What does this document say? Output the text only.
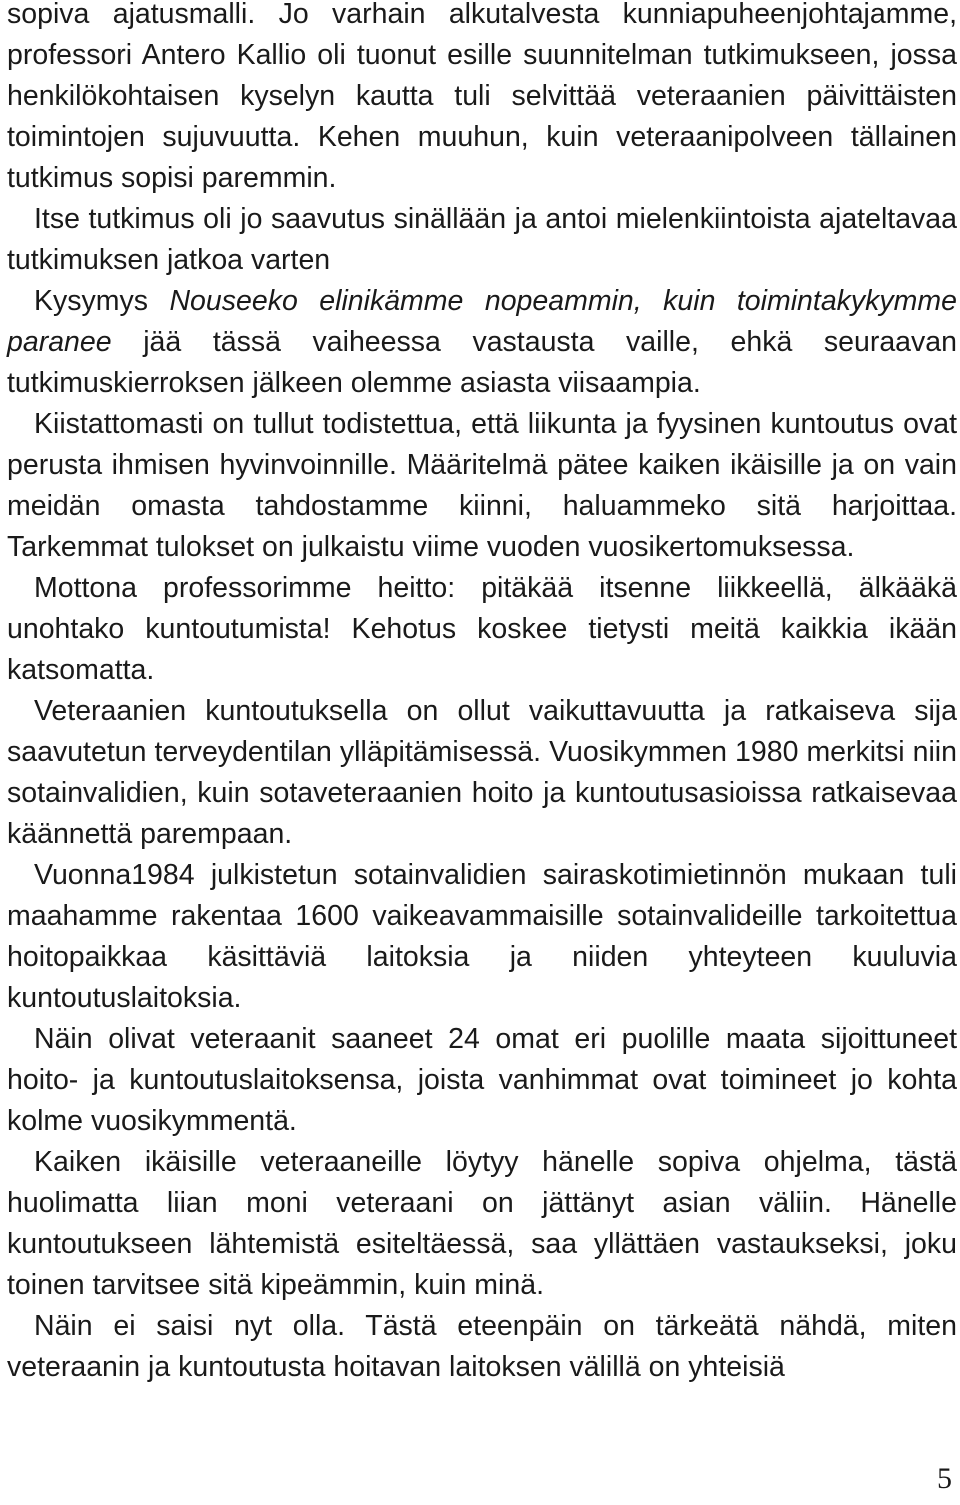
sopiva ajatusmalli. Jo varhain alkutalvesta kunniapuheenjohtajamme, professori Antero Kallio oli tuonut esille suunnitelman tutkimukseen, jossa henkilökohtaisen kyselyn kautta tuli selvittää veteraanien päivittäisten toimintojen sujuvuutta. Kehen muuhun, kuin veteraanipolveen tällainen tutkimus sopisi paremmin.

Itse tutkimus oli jo saavutus sinällään ja antoi mielenkiintoista ajateltavaa tutkimuksen jatkoa varten

Kysymys Nouseeko elinikämme nopeammin, kuin toimintakykymme paranee jää tässä vaiheessa vastausta vaille, ehkä seuraavan tutkimuskierroksen jälkeen olemme asiasta viisaampia.

Kiistattomasti on tullut todistettua, että liikunta ja fyysinen kuntoutus ovat perusta ihmisen hyvinvoinnille. Määritelmä pätee kaiken ikäisille ja on vain meidän omasta tahdostamme kiinni, haluammeko sitä harjoittaa. Tarkemmat tulokset on julkaistu viime vuoden vuosikertomuksessa.

Mottona professorimme heitto: pitäkää itsenne liikkeellä, älkääkä unohtako kuntoutumista! Kehotus koskee tietysti meitä kaikkia ikään katsomatta.

Veteraanien kuntoutuksella on ollut vaikuttavuutta ja ratkaiseva sija saavutetun terveydentilan ylläpitämisessä. Vuosikymmen 1980 merkitsi niin sotainvalidien, kuin sotaveteraanien hoito ja kuntoutusasioissa ratkaisevaa käännettä parempaan.

Vuonna1984 julkistetun sotainvalidien sairaskotimietinnön mukaan tuli maahamme rakentaa 1600 vaikeavammaisille sotainvalideille tarkoitettua hoitopaikkaa käsittäviä laitoksia ja niiden yhteyteen kuuluvia kuntoutuslaitoksia.

Näin olivat veteraanit saaneet 24 omat eri puolille maata sijoittuneet hoito- ja kuntoutuslaitoksensa, joista vanhimmat ovat toimineet jo kohta kolme vuosikymmentä.

Kaiken ikäisille veteraaneille löytyy hänelle sopiva ohjelma, tästä huolimatta liian moni veteraani on jättänyt asian väliin. Hänelle kuntoutukseen lähtemistä esiteltäessä, saa yllättäen vastaukseksi, joku toinen tarvitsee sitä kipeämmin, kuin minä.

Näin ei saisi nyt olla. Tästä eteenpäin on tärkeätä nähdä, miten veteraanin ja kuntoutusta hoitavan laitoksen välillä on yhteisiä

5
